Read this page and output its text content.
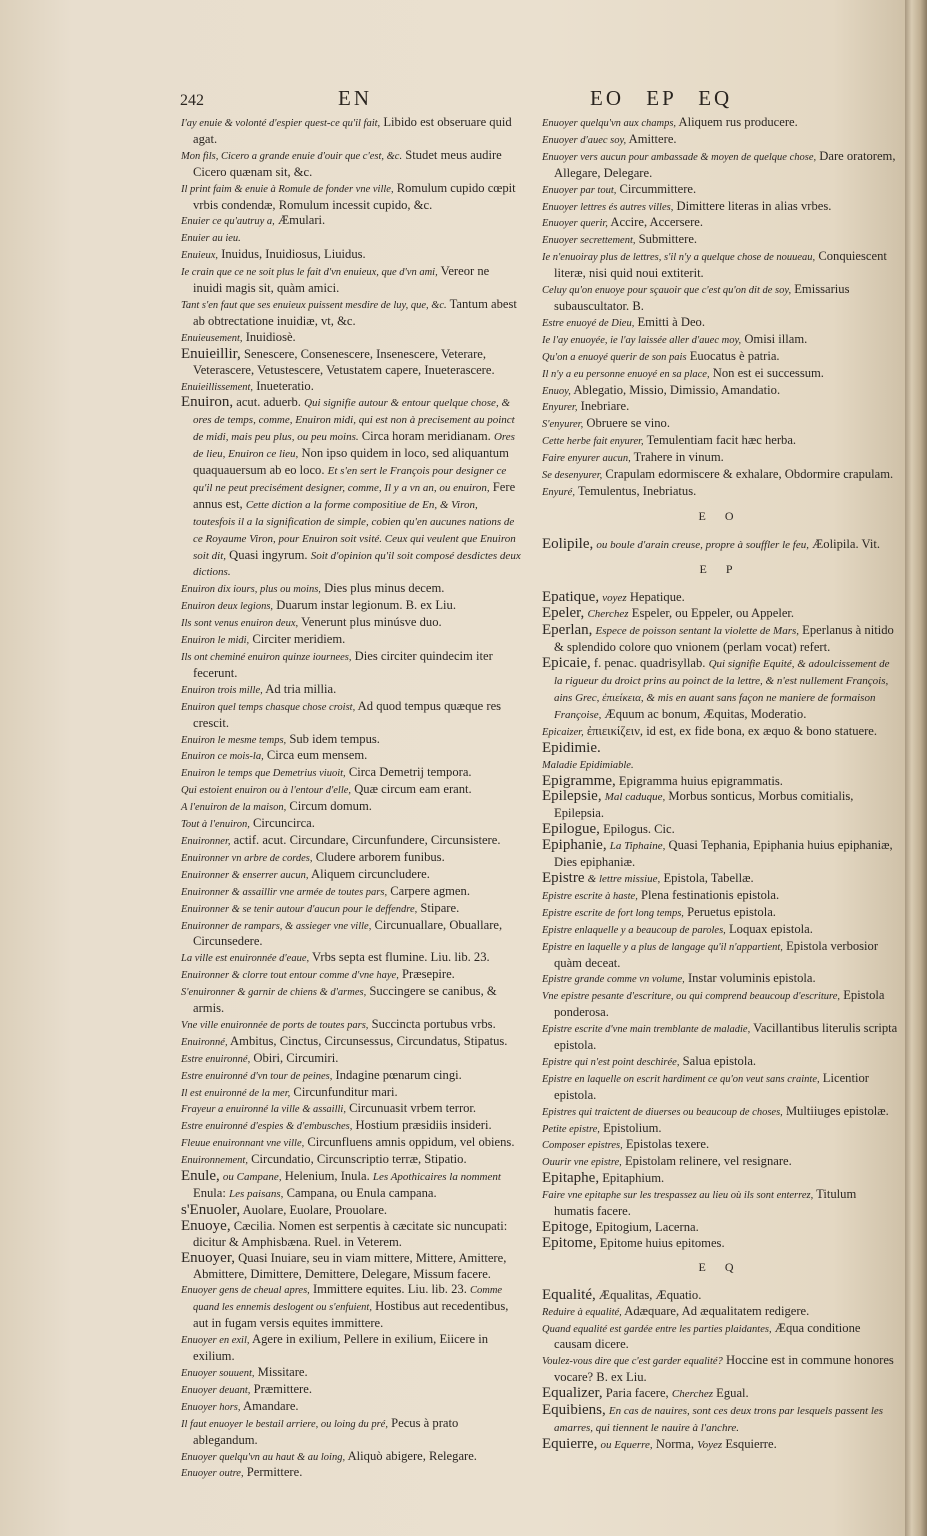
242	EN	EO EP EQ

I'ay enuie & volonté d'espier quest-ce qu'il fait, Libido est obseruare quid agat.

Mon fils, Cicero a grande enuie d'ouir que c'est, &c. Studet meus audire Cicero quænam sit, &c.

Il print faim & enuie à Romule de fonder vne ville, Romulum cupido cœpit vrbis condendæ, Romulum incessit cupido, &c.

Enuier ce qu'autruy a, Æmulari.

Enuier au ieu.

Enuieux, Inuidus, Inuidiosus, Liuidus.

Ie crain que ce ne soit plus le fait d'vn enuieux, que d'vn ami, Vereor ne inuidi magis sit, quàm amici.

Tant s'en faut que ses enuieux puissent mesdire de luy, que, &c. Tantum abest ab obtrectatione inuidiæ, vt, &c.

Enuieusement, Inuidiosè.

Enuieillir, Senescere, Consenescere, Insenescere, Veterare, Veterascere, Vetustescere, Vetustatem capere, Inueterascere.

Enuieillissement, Inueteratio.

Enuiron, acut. aduerb. Qui signifie autour & entour quelque chose, & ores de temps, comme, Enuiron midi, qui est non à precisement au poinct de midi, mais peu plus, ou peu moins. Circa horam meridianam. Ores de lieu, Enuiron ce lieu, Non ipso quidem in loco, sed aliquantum quaquauersum ab eo loco. Et s'en sert le François pour designer ce qu'il ne peut precisément designer, comme, Il y a vn an, ou enuiron, Fere annus est, Cette diction a la forme compositiue de En, & Viron, toutesfois il a la signification de simple, cobien qu'en aucunes nations de ce Royaume Viron, pour Enuiron soit vsité. Ceux qui veulent que Enuiron soit dit, Quasi ingyrum. Soit d'opinion qu'il soit composé desdictes deux dictions.

Enuiron dix iours, plus ou moins, Dies plus minus decem.

Enuiron deux legions, Duarum instar legionum. B. ex Liu.

Ils sont venus enuiron deux, Venerunt plus minúsve duo.

Enuiron le midi, Circiter meridiem.

Ils ont cheminé enuiron quinze iournees, Dies circiter quindecim iter fecerunt.

Enuiron trois mille, Ad tria millia.

Enuiron quel temps chasque chose croist, Ad quod tempus quæque res crescit.

Enuiron le mesme temps, Sub idem tempus.

Enuiron ce mois-la, Circa eum mensem.

Enuiron le temps que Demetrius viuoit, Circa Demetrij tempora.

Qui estoient enuiron ou à l'entour d'elle, Quæ circum eam erant.

A l'enuiron de la maison, Circum domum.

Tout à l'enuiron, Circuncirca.

Enuironner, actif. acut. Circundare, Circunfundere, Circunsistere.

Enuironner vn arbre de cordes, Cludere arborem funibus.

Enuironner & enserrer aucun, Aliquem circuncludere.

Enuironner & assaillir vne armée de toutes pars, Carpere agmen.

Enuironner & se tenir autour d'aucun pour le deffendre, Stipare.

Enuironner de rampars, & assieger vne ville, Circunuallare, Obuallare, Circunsedere.

La ville est enuironnée d'eaue, Vrbs septa est flumine. Liu. lib. 23.

Enuironner & clorre tout entour comme d'vne haye, Præsepire.

S'enuironner & garnir de chiens & d'armes, Succingere se canibus, & armis.

Vne ville enuironnée de ports de toutes pars, Succincta portubus vrbs.

Enuironné, Ambitus, Cinctus, Circunsessus, Circundatus, Stipatus.

Estre enuironné, Obiri, Circumiri.

Estre enuironné d'vn tour de peines, Indagine pœnarum cingi.

Il est enuironné de la mer, Circunfunditur mari.

Frayeur a enuironné la ville & assailli, Circunuasit vrbem terror.

Estre enuironné d'espies & d'embusches, Hostium præsidiis insideri.

Fleuue enuironnant vne ville, Circunfluens amnis oppidum, vel obiens.

Enuironnement, Circundatio, Circunscriptio terræ, Stipatio.

Enule, ou Campane, Helenium, Inula. Les Apothicaires la nomment Enula: Les paisans, Campana, ou Enula campana.

s'Enuoler, Auolare, Euolare, Prouolare.

Enuoye, Cæcilia. Nomen est serpentis à cæcitate sic nuncupati: dicitur & Amphisbæna. Ruel. in Veterem.

Enuoyer, Quasi Inuiare, seu in viam mittere, Mittere, Amittere, Abmittere, Dimittere, Demittere, Delegare, Missum facere.

Enuoyer gens de cheual apres, Immittere equites. Liu. lib. 23. Comme quand les ennemis deslogent ou s'enfuient, Hostibus aut recedentibus, aut in fugam versis equites immittere.

Enuoyer en exil, Agere in exilium, Pellere in exilium, Eiicere in exilium.

Enuoyer souuent, Missitare.

Enuoyer deuant, Præmittere.

Enuoyer hors, Amandare.

Il faut enuoyer le bestail arriere, ou loing du pré, Pecus à prato ablegandum.

Enuoyer quelqu'vn au haut & au loing, Aliquò abigere, Relegare.

Enuoyer outre, Permittere.

Enuoyer quelqu'vn aux champs, Aliquem rus producere.

Enuoyer d'auec soy, Amittere.

Enuoyer vers aucun pour ambassade & moyen de quelque chose, Dare oratorem, Allegare, Delegare.

Enuoyer par tout, Circummittere.

Enuoyer lettres és autres villes, Dimittere literas in alias vrbes.

Enuoyer querir, Accire, Accersere.

Enuoyer secrettement, Submittere.

Ie n'enuoiray plus de lettres, s'il n'y a quelque chose de nouueau, Conquiescent literæ, nisi quid noui extiterit.

Celuy qu'on enuoye pour sçauoir que c'est qu'on dit de soy, Emissarius subauscultator. B.

Estre enuoyé de Dieu, Emitti à Deo.

Ie l'ay enuoyée, ie l'ay laissée aller d'auec moy, Omisi illam.

Qu'on a enuoyé querir de son pais Euocatus è patria.

Il n'y a eu personne enuoyé en sa place, Non est ei successum.

Enuoy, Ablegatio, Missio, Dimissio, Amandatio.

Enyurer, Inebriare.

S'enyurer, Obruere se vino.

Cette herbe fait enyurer, Temulentiam facit hæc herba.

Faire enyurer aucun, Trahere in vinum.

Se desenyurer, Crapulam edormiscere & exhalare, Obdormire crapulam.

Enyuré, Temulentus, Inebriatus.

E O

Eolipile, ou boule d'arain creuse, propre à souffler le feu, Æolipila. Vit.

E P

Epatique, voyez Hepatique.

Epeler, Cherchez Espeler, ou Eppeler, ou Appeler.

Eperlan, Espece de poisson sentant la violette de Mars, Eperlanus à nitido & splendido colore quo vnionem (perlam vocat) refert.

Epicaie, f. penac. quadrisyllab. Qui signifie Equité, & adoulcissement de la rigueur du droict prins au poinct de la lettre, & n'est nullement François, ains Grec, ἐπιείκεια, & mis en auant sans façon ne maniere de formaison Françoise, Æquum ac bonum, Æquitas, Moderatio.

Epicaizer, ἐπιεικίζειν, id est, ex fide bona, ex æquo & bono statuere.

Epidimie.

Maladie Epidimiable.

Epigramme, Epigramma huius epigrammatis.

Epilepsie, Mal caduque, Morbus sonticus, Morbus comitialis, Epilepsia.

Epilogue, Epilogus. Cic.

Epiphanie, La Tiphaine, Quasi Tephania, Epiphania huius epiphaniæ, Dies epiphaniæ.

Epistre & lettre missiue, Epistola, Tabellæ.

Epistre escrite à haste, Plena festinationis epistola.

Epistre escrite de fort long temps, Peruetus epistola.

Epistre enlaquelle y a beaucoup de paroles, Loquax epistola.

Epistre en laquelle y a plus de langage qu'il n'appartient, Epistola verbosior quàm deceat.

Epistre grande comme vn volume, Instar voluminis epistola.

Vne epistre pesante d'escriture, ou qui comprend beaucoup d'escriture, Epistola ponderosa.

Epistre escrite d'vne main tremblante de maladie, Vacillantibus literulis scripta epistola.

Epistre qui n'est point deschirée, Salua epistola.

Epistre en laquelle on escrit hardiment ce qu'on veut sans crainte, Licentior epistola.

Epistres qui traictent de diuerses ou beaucoup de choses, Multiiuges epistolæ.

Petite epistre, Epistolium.

Composer epistres, Epistolas texere.

Ouurir vne epistre, Epistolam relinere, vel resignare.

Epitaphe, Epitaphium.

Faire vne epitaphe sur les trespassez au lieu où ils sont enterrez, Titulum humatis facere.

Epitoge, Epitogium, Lacerna.

Epitome, Epitome huius epitomes.

E Q

Equalité, Æqualitas, Æquatio.

Reduire à equalité, Adæquare, Ad æqualitatem redigere.

Quand equalité est gardée entre les parties plaidantes, Æqua conditione causam dicere.

Voulez-vous dire que c'est garder equalité? Hoccine est in commune honores vocare? B. ex Liu.

Equalizer, Paria facere, Cherchez Egual.

Equibiens, En cas de nauires, sont ces deux trons par lesquels passent les amarres, qui tiennent le nauire à l'anchre.

Equierre, ou Equerre, Norma, Voyez Esquierre.
